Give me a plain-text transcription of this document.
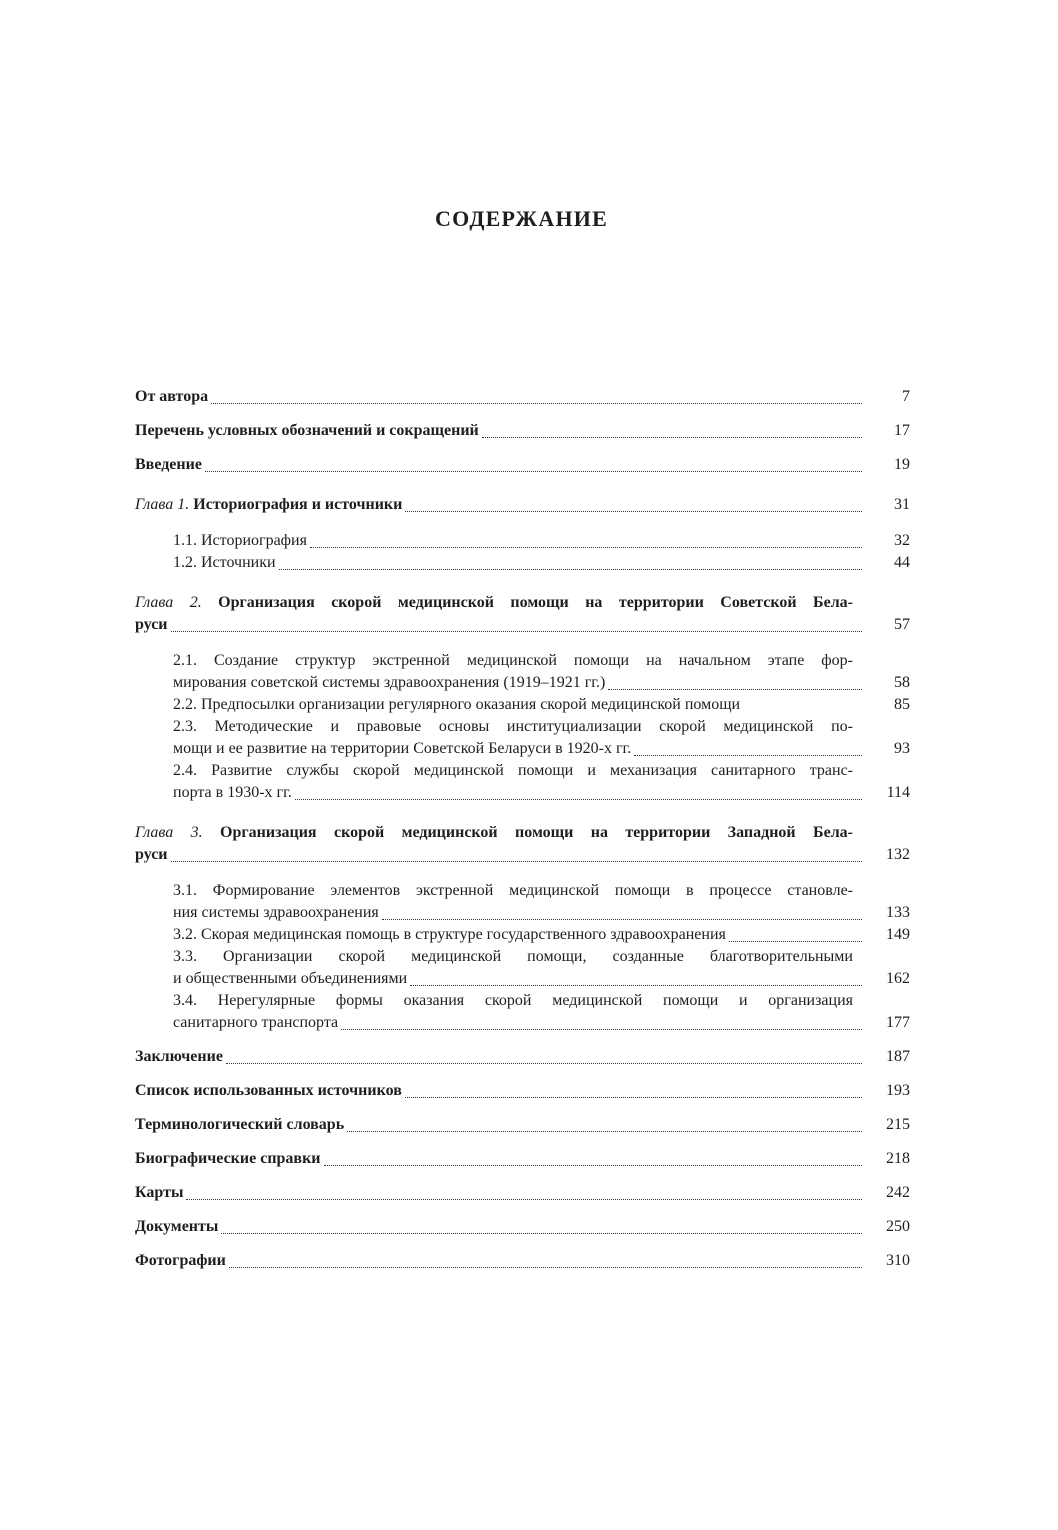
СОДЕРЖАНИЕ
От автора	7
Перечень условных обозначений и сокращений	17
Введение	19
Глава 1. Историография и источники	31
1.1. Историография	32
1.2. Источники	44
Глава 2. Организация скорой медицинской помощи на территории Советской Бела-
руси	57
2.1. Создание структур экстренной медицинской помощи на начальном этапе фор-
мирования советской системы здравоохранения (1919–1921 гг.)	58
2.2. Предпосылки организации регулярного оказания скорой медицинской помощи	85
2.3. Методические и правовые основы институциализации скорой медицинской по-
мощи и ее развитие на территории Советской Беларуси в 1920-х гг.	93
2.4. Развитие службы скорой медицинской помощи и механизация санитарного транс-
порта в 1930-х гг.	114
Глава 3. Организация скорой медицинской помощи на территории Западной Бела-
руси	132
3.1. Формирование элементов экстренной медицинской помощи в процессе становле-
ния системы здравоохранения	133
3.2. Скорая медицинская помощь в структуре государственного здравоохранения	149
3.3. Организации скорой медицинской помощи, созданные благотворительными
и общественными объединениями	162
3.4. Нерегулярные формы оказания скорой медицинской помощи и организация
санитарного транспорта	177
Заключение	187
Список использованных источников	193
Терминологический словарь	215
Биографические справки	218
Карты	242
Документы	250
Фотографии	310
